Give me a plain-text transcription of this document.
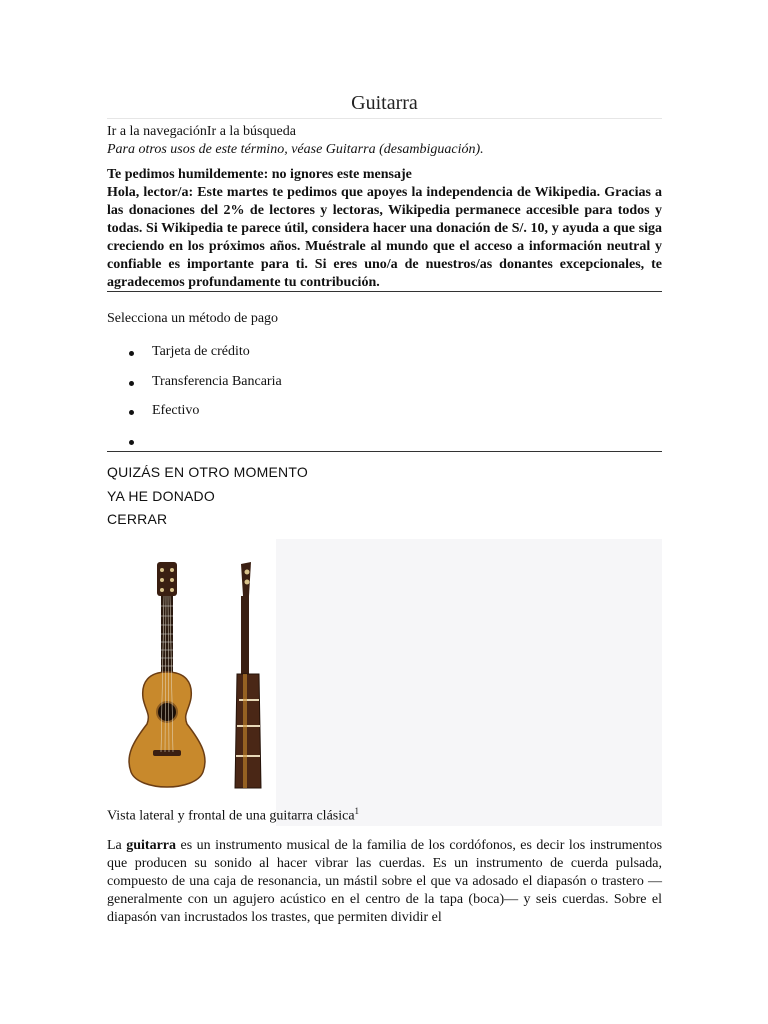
Guitarra
Ir a la navegaciónIr a la búsqueda
Para otros usos de este término, véase Guitarra (desambiguación).
Te pedimos humildemente: no ignores este mensaje
Hola, lector/a: Este martes te pedimos que apoyes la independencia de Wikipedia. Gracias a las donaciones del 2% de lectores y lectoras, Wikipedia permanece accesible para todos y todas. Si Wikipedia te parece útil, considera hacer una donación de S/. 10, y ayuda a que siga creciendo en los próximos años. Muéstrale al mundo que el acceso a información neutral y confiable es importante para ti. Si eres uno/a de nuestros/as donantes excepcionales, te agradecemos profundamente tu contribución.
Selecciona un método de pago
Tarjeta de crédito
Transferencia Bancaria
Efectivo
QUIZÁS EN OTRO MOMENTO
YA HE DONADO
CERRAR
Vista lateral y frontal de una guitarra clásica$^1$
La guitarra es un instrumento musical de la familia de los cordófonos, es decir los instrumentos que producen su sonido al hacer vibrar las cuerdas. Es un instrumento de cuerda pulsada, compuesto de una caja de resonancia, un mástil sobre el que va adosado el diapasón o trastero —generalmente con un agujero acústico en el centro de la tapa (boca)— y seis cuerdas. Sobre el diapasón van incrustados los trastes, que permiten dividir el
